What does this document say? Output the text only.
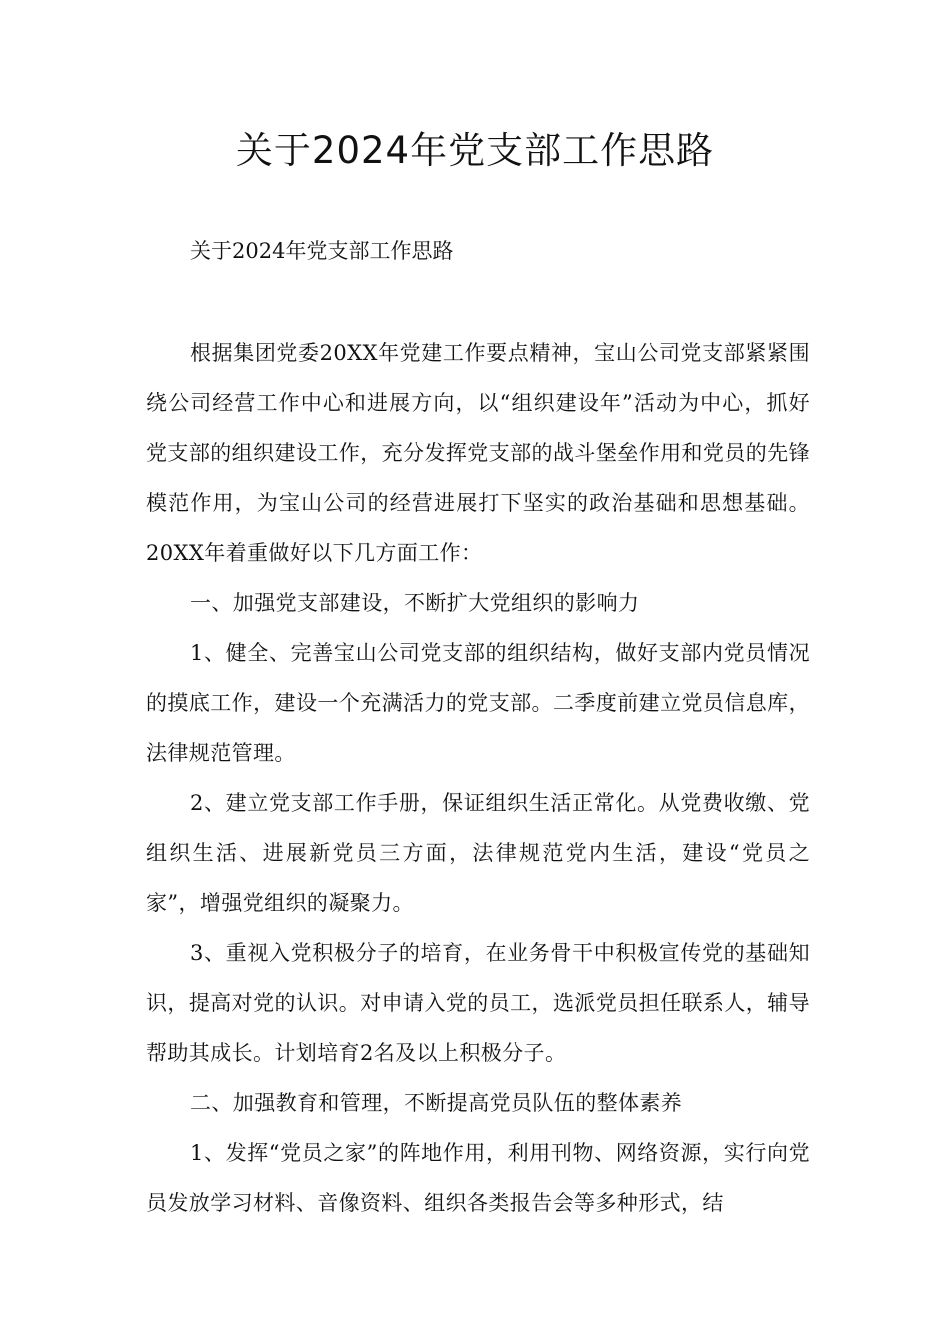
关于2024年党支部工作思路

关于2024年党支部工作思路

根据集团党委20XX年党建工作要点精神，宝山公司党支部紧紧围绕公司经营工作中心和进展方向，以“组织建设年”活动为中心，抓好党支部的组织建设工作，充分发挥党支部的战斗堡垒作用和党员的先锋模范作用，为宝山公司的经营进展打下坚实的政治基础和思想基础。20XX年着重做好以下几方面工作：

一、加强党支部建设，不断扩大党组织的影响力

1、健全、完善宝山公司党支部的组织结构，做好支部内党员情况的摸底工作，建设一个充满活力的党支部。二季度前建立党员信息库，法律规范管理。

2、建立党支部工作手册，保证组织生活正常化。从党费收缴、党组织生活、进展新党员三方面，法律规范党内生活，建设“党员之家”，增强党组织的凝聚力。

3、重视入党积极分子的培育，在业务骨干中积极宣传党的基础知识，提高对党的认识。对申请入党的员工，选派党员担任联系人，辅导帮助其成长。计划培育2名及以上积极分子。

二、加强教育和管理，不断提高党员队伍的整体素养

1、发挥“党员之家”的阵地作用，利用刊物、网络资源，实行向党员发放学习材料、音像资料、组织各类报告会等多种形式，结
